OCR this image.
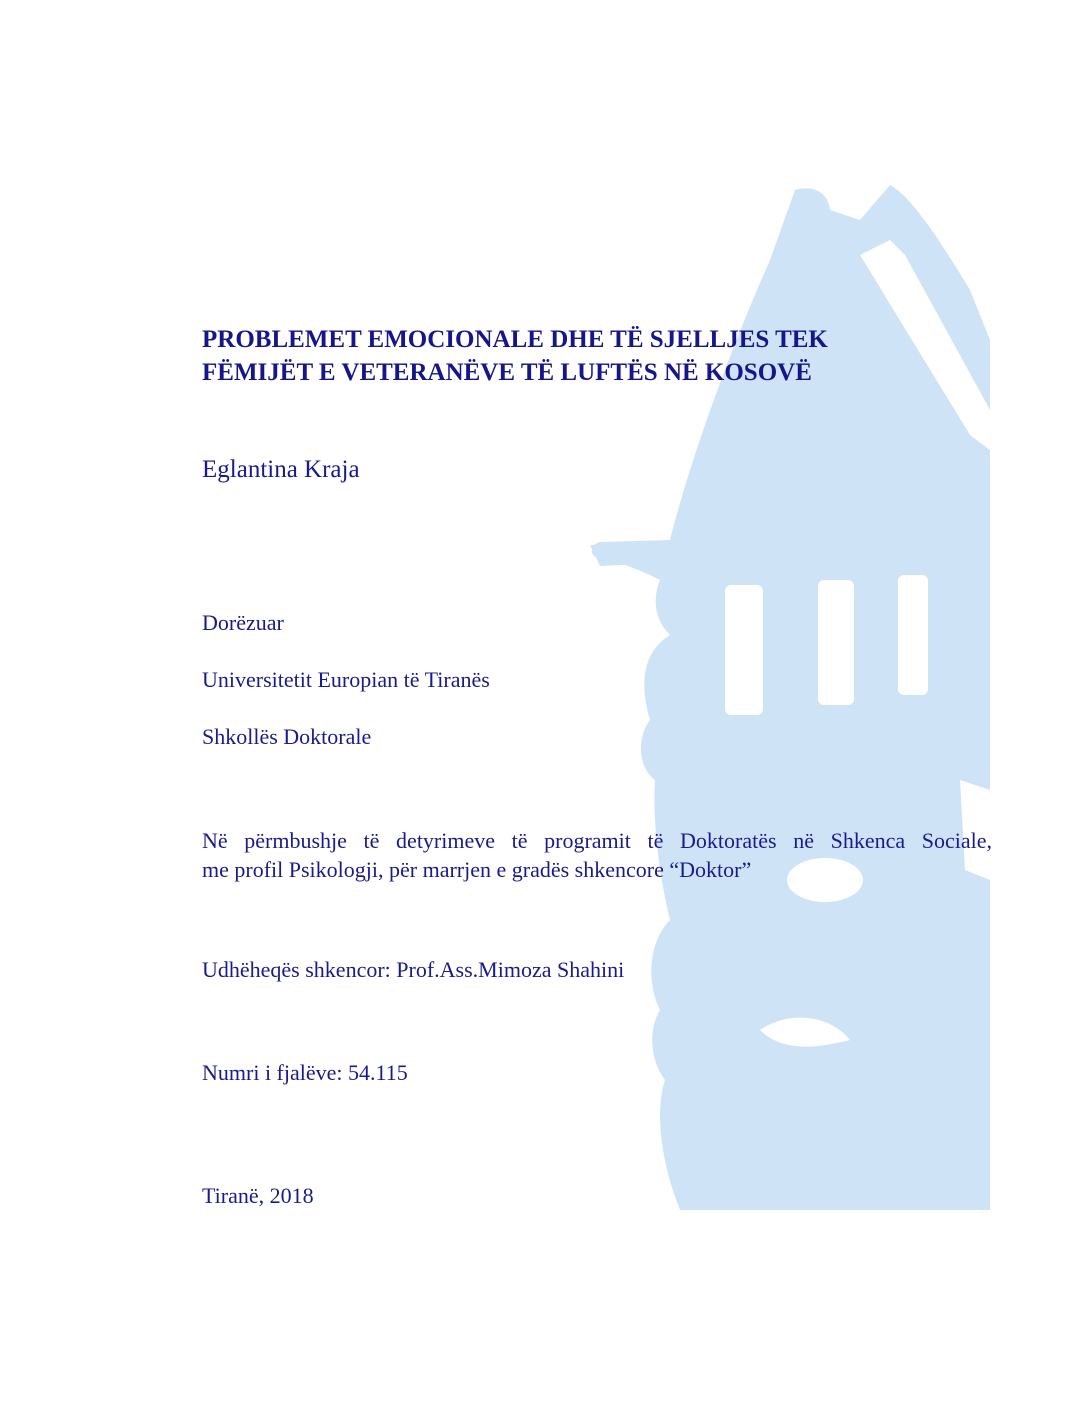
PROBLEMET EMOCIONALE DHE TË SJELLJES TEK
FËMIJËT E VETERANËVE TË LUFTËS NË KOSOVË
Eglantina Kraja
Dorëzuar
Universitetit Europian të Tiranës
Shkollës Doktorale
Në përmbushje të detyrimeve të programit të Doktoratës në Shkenca Sociale,
me profil Psikologji, për marrjen e gradës shkencore “Doktor”
Udhëheqës shkencor: Prof.Ass.Mimoza Shahini
Numri i fjalëve: 54.115
Tiranë, 2018
